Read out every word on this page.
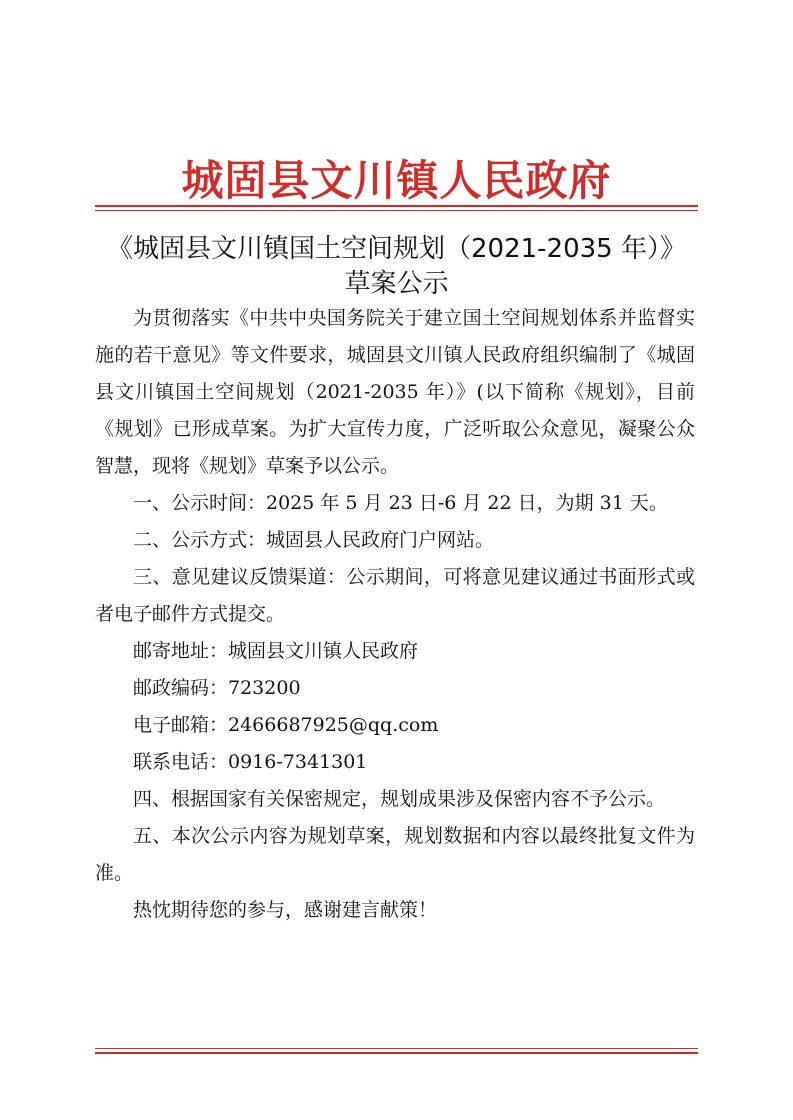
城固县文川镇人民政府
《城固县文川镇国土空间规划（2021-2035 年）》
草案公示

为贯彻落实《中共中央国务院关于建立国土空间规划体系并监督实施的若干意见》等文件要求，城固县文川镇人民政府组织编制了《城固县文川镇国土空间规划（2021-2035 年）》(以下简称《规划》，目前《规划》已形成草案。为扩大宣传力度，广泛听取公众意见，凝聚公众智慧，现将《规划》草案予以公示。

一、公示时间：2025 年 5 月 23 日-6 月 22 日，为期 31 天。

二、公示方式：城固县人民政府门户网站。

三、意见建议反馈渠道：公示期间，可将意见建议通过书面形式或者电子邮件方式提交。

邮寄地址：城固县文川镇人民政府

邮政编码：723200

电子邮箱：2466687925@qq.com

联系电话：0916-7341301

四、根据国家有关保密规定，规划成果涉及保密内容不予公示。

五、本次公示内容为规划草案，规划数据和内容以最终批复文件为准。

热忱期待您的参与，感谢建言献策！
